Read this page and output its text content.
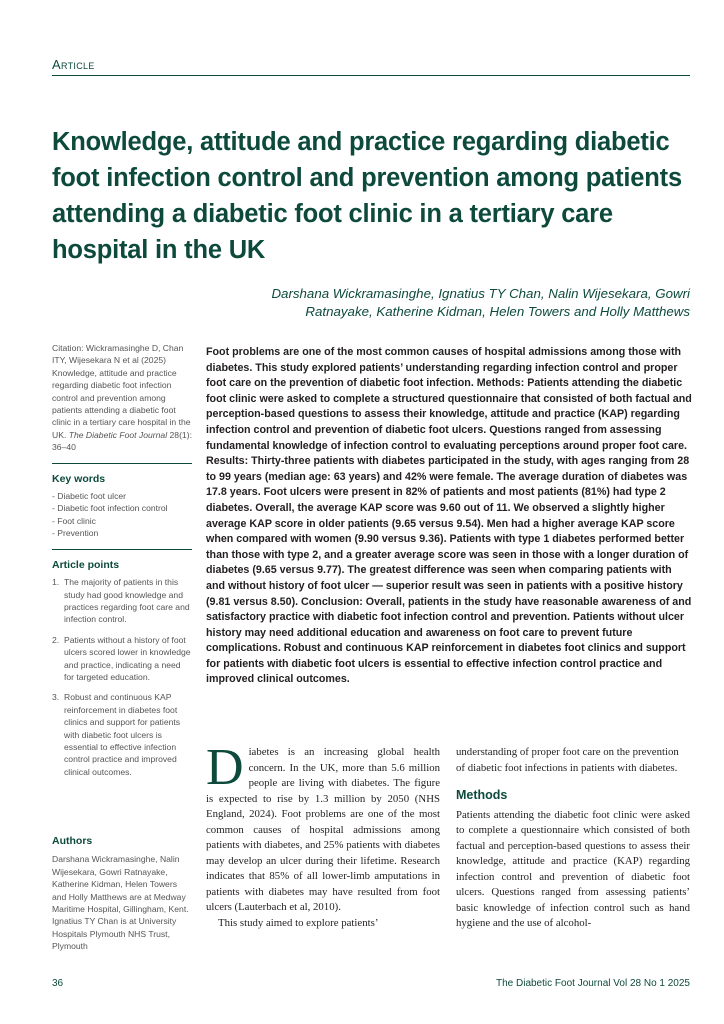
Article
Knowledge, attitude and practice regarding diabetic foot infection control and prevention among patients attending a diabetic foot clinic in a tertiary care hospital in the UK
Darshana Wickramasinghe, Ignatius TY Chan, Nalin Wijesekara, Gowri Ratnayake, Katherine Kidman, Helen Towers and Holly Matthews
Citation: Wickramasinghe D, Chan ITY, Wijesekara N et al (2025) Knowledge, attitude and practice regarding diabetic foot infection control and prevention among patients attending a diabetic foot clinic in a tertiary care hospital in the UK. The Diabetic Foot Journal 28(1): 36–40
Key words
- Diabetic foot ulcer
- Diabetic foot infection control
- Foot clinic
- Prevention
Article points
1. The majority of patients in this study had good knowledge and practices regarding foot care and infection control.
2. Patients without a history of foot ulcers scored lower in knowledge and practice, indicating a need for targeted education.
3. Robust and continuous KAP reinforcement in diabetes foot clinics and support for patients with diabetic foot ulcers is essential to effective infection control practice and improved clinical outcomes.
Authors
Darshana Wickramasinghe, Nalin Wijesekara, Gowri Ratnayake, Katherine Kidman, Helen Towers and Holly Matthews are at Medway Maritime Hospital, Gillingham, Kent. Ignatius TY Chan is at University Hospitals Plymouth NHS Trust, Plymouth

Foot problems are one of the most common causes of hospital admissions among those with diabetes. This study explored patients’ understanding regarding infection control and proper foot care on the prevention of diabetic foot infection. Methods: Patients attending the diabetic foot clinic were asked to complete a structured questionnaire that consisted of both factual and perception-based questions to assess their knowledge, attitude and practice (KAP) regarding infection control and prevention of diabetic foot ulcers. Questions ranged from assessing fundamental knowledge of infection control to evaluating perceptions around proper foot care. Results: Thirty-three patients with diabetes participated in the study, with ages ranging from 28 to 99 years (median age: 63 years) and 42% were female. The average duration of diabetes was 17.8 years. Foot ulcers were present in 82% of patients and most patients (81%) had type 2 diabetes. Overall, the average KAP score was 9.60 out of 11. We observed a slightly higher average KAP score in older patients (9.65 versus 9.54). Men had a higher average KAP score when compared with women (9.90 versus 9.36). Patients with type 1 diabetes performed better than those with type 2, and a greater average score was seen in those with a longer duration of diabetes (9.65 versus 9.77). The greatest difference was seen when comparing patients with and without history of foot ulcer — superior result was seen in patients with a positive history (9.81 versus 8.50). Conclusion: Overall, patients in the study have reasonable awareness of and satisfactory practice with diabetic foot infection control and prevention. Patients without ulcer history may need additional education and awareness on foot care to prevent future complications. Robust and continuous KAP reinforcement in diabetes foot clinics and support for patients with diabetic foot ulcers is essential to effective infection control practice and improved clinical outcomes.

Diabetes is an increasing global health concern. In the UK, more than 5.6 million people are living with diabetes. The figure is expected to rise by 1.3 million by 2050 (NHS England, 2024). Foot problems are one of the most common causes of hospital admissions among patients with diabetes, and 25% patients with diabetes may develop an ulcer during their lifetime. Research indicates that 85% of all lower-limb amputations in patients with diabetes may have resulted from foot ulcers (Lauterbach et al, 2010).

This study aimed to explore patients’

understanding of proper foot care on the prevention of diabetic foot infections in patients with diabetes.

Methods

Patients attending the diabetic foot clinic were asked to complete a questionnaire which consisted of both factual and perception-based questions to assess their knowledge, attitude and practice (KAP) regarding infection control and prevention of diabetic foot ulcers. Questions ranged from assessing patients’ basic knowledge of infection control such as hand hygiene and the use of alcohol-

36	The Diabetic Foot Journal Vol 28 No 1 2025
